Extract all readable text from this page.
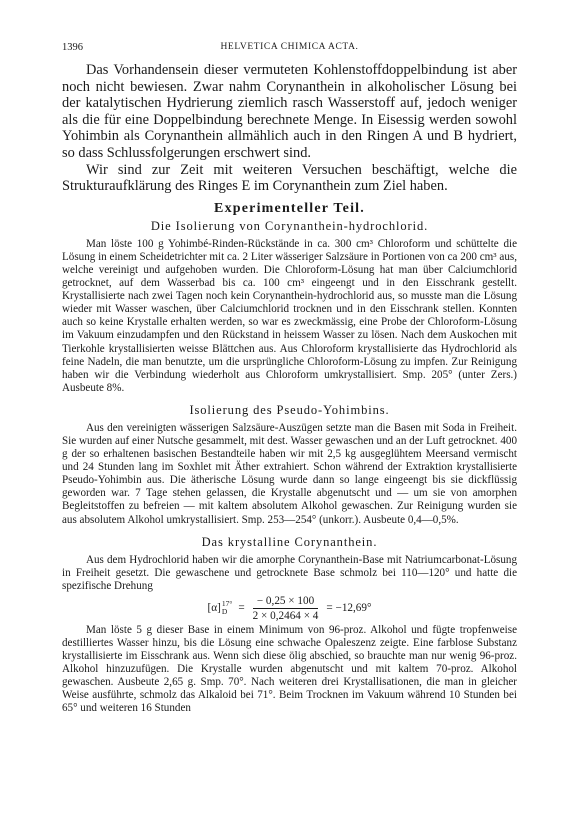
1396	HELVETICA CHIMICA ACTA.

Das Vorhandensein dieser vermuteten Kohlenstoffdoppelbindung ist aber noch nicht bewiesen. Zwar nahm Corynanthein in alkoholischer Lösung bei der katalytischen Hydrierung ziemlich rasch Wasserstoff auf, jedoch weniger als die für eine Doppelbindung berechnete Menge. In Eisessig werden sowohl Yohimbin als Corynanthein allmählich auch in den Ringen A und B hydriert, so dass Schlussfolgerungen erschwert sind.

Wir sind zur Zeit mit weiteren Versuchen beschäftigt, welche die Strukturaufklärung des Ringes E im Corynanthein zum Ziel haben.

Experimenteller Teil.
Die Isolierung von Corynanthein-hydrochlorid.

Man löste 100 g Yohimbé-Rinden-Rückstände in ca. 300 cm³ Chloroform und schüttelte die Lösung in einem Scheidetrichter mit ca. 2 Liter wässeriger Salzsäure in Portionen von ca 200 cm³ aus, welche vereinigt und aufgehoben wurden. Die Chloroform-Lösung hat man über Calciumchlorid getrocknet, auf dem Wasserbad bis ca. 100 cm³ eingeengt und in den Eisschrank gestellt. Krystallisierte nach zwei Tagen noch kein Corynanthein-hydrochlorid aus, so musste man die Lösung wieder mit Wasser waschen, über Calciumchlorid trocknen und in den Eisschrank stellen. Konnten auch so keine Krystalle erhalten werden, so war es zweckmässig, eine Probe der Chloroform-Lösung im Vakuum einzudampfen und den Rückstand in heissem Wasser zu lösen. Nach dem Auskochen mit Tierkohle krystallisierten weisse Blättchen aus. Aus Chloroform krystallisierte das Hydrochlorid als feine Nadeln, die man benutzte, um die ursprüngliche Chloroform-Lösung zu impfen. Zur Reinigung haben wir die Verbindung wiederholt aus Chloroform umkrystallisiert. Smp. 205° (unter Zers.) Ausbeute 8%.

Isolierung des Pseudo-Yohimbins.

Aus den vereinigten wässerigen Salzsäure-Auszügen setzte man die Basen mit Soda in Freiheit. Sie wurden auf einer Nutsche gesammelt, mit dest. Wasser gewaschen und an der Luft getrocknet. 400 g der so erhaltenen basischen Bestandteile haben wir mit 2,5 kg ausgeglühtem Meersand vermischt und 24 Stunden lang im Soxhlet mit Äther extrahiert. Schon während der Extraktion krystallisierte Pseudo-Yohimbin aus. Die ätherische Lösung wurde dann so lange eingeengt bis sie dickflüssig geworden war. 7 Tage stehen gelassen, die Krystalle abgenutscht und — um sie von amorphen Begleitstoffen zu befreien — mit kaltem absolutem Alkohol gewaschen. Zur Reinigung wurden sie aus absolutem Alkohol umkrystallisiert. Smp. 253—254° (unkorr.). Ausbeute 0,4—0,5%.

Das krystalline Corynanthein.

Aus dem Hydrochlorid haben wir die amorphe Corynanthein-Base mit Natriumcarbonat-Lösung in Freiheit gesetzt. Die gewaschene und getrocknete Base schmolz bei 110—120° und hatte die spezifische Drehung

[α] 17°
$D = \frac{- 0,25 \times 100}{2 \times 0,2464 \times 4} = -12,69^\circ$

Man löste 5 g dieser Base in einem Minimum von 96-proz. Alkohol und fügte tropfenweise destilliertes Wasser hinzu, bis die Lösung eine schwache Opaleszenz zeigte. Eine farblose Substanz krystallisierte im Eisschrank aus. Wenn sich diese ölig abschied, so brauchte man nur wenig 96-proz. Alkohol hinzuzufügen. Die Krystalle wurden abgenutscht und mit kaltem 70-proz. Alkohol gewaschen. Ausbeute 2,65 g. Smp. 70°. Nach weiteren drei Krystallisationen, die man in gleicher Weise ausführte, schmolz das Alkaloid bei 71°. Beim Trocknen im Vakuum während 10 Stunden bei 65° und weiteren 16 Stunden
